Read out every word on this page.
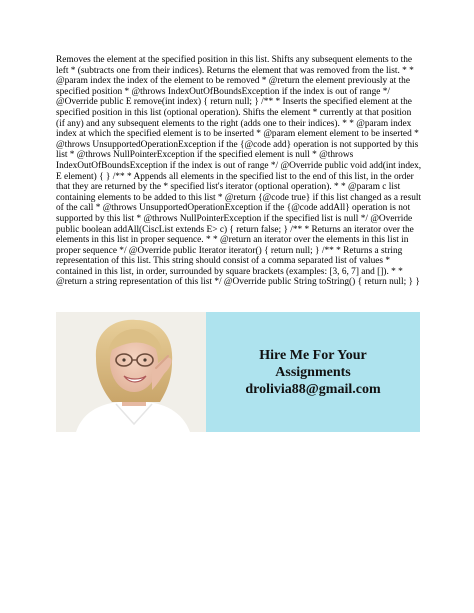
Removes the element at the specified position in this list. Shifts any subsequent elements to the left * (subtracts one from their indices). Returns the element that was removed from the list. * * @param index the index of the element to be removed * @return the element previously at the specified position * @throws IndexOutOfBoundsException if the index is out of range */ @Override public E remove(int index) { return null; } /** * Inserts the specified element at the specified position in this list (optional operation). Shifts the element * currently at that position (if any) and any subsequent elements to the right (adds one to their indices). * * @param index index at which the specified element is to be inserted * @param element element to be inserted * @throws UnsupportedOperationException if the {@code add} operation is not supported by this list * @throws NullPointerException if the specified element is null * @throws IndexOutOfBoundsException if the index is out of range */ @Override public void add(int index, E element) { } /** * Appends all elements in the specified list to the end of this list, in the order that they are returned by the * specified list's iterator (optional operation). * * @param c list containing elements to be added to this list * @return {@code true} if this list changed as a result of the call * @throws UnsupportedOperationException if the {@code addAll} operation is not supported by this list * @throws NullPointerException if the specified list is null */ @Override public boolean addAll(CiscList extends E> c) { return false; } /** * Returns an iterator over the elements in this list in proper sequence. * * @return an iterator over the elements in this list in proper sequence */ @Override public Iterator iterator() { return null; } /** * Returns a string representation of this list. This string should consist of a comma separated list of values * contained in this list, in order, surrounded by square brackets (examples: [3, 6, 7] and []). * * @return a string representation of this list */ @Override public String toString() { return null; } }
Hire Me For Your
Assignments
drolivia88@gmail.com
